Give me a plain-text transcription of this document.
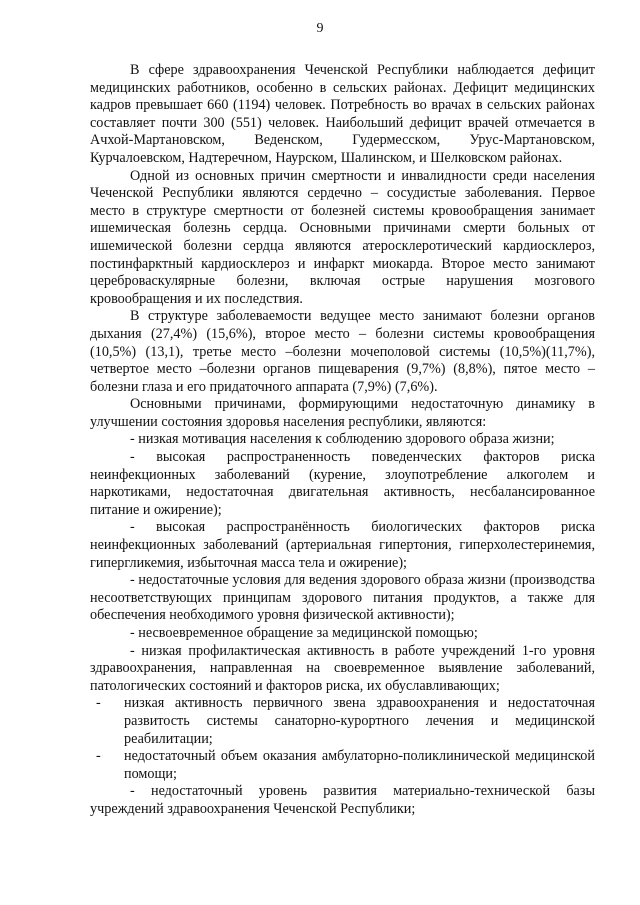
9

В сфере здравоохранения Чеченской Республики наблюдается дефицит медицинских работников, особенно в сельских районах. Дефицит медицинских кадров превышает 660 (1194) человек. Потребность во врачах в сельских районах составляет почти 300 (551) человек. Наибольший дефицит врачей отмечается в Ачхой-Мартановском, Веденском, Гудермесском, Урус-Мартановском, Курчалоевском, Надтеречном, Наурском, Шалинском, и Шелковском районах.

Одной из основных причин смертности и инвалидности среди населения Чеченской Республики являются сердечно – сосудистые заболевания. Первое место в структуре смертности от болезней системы кровообращения занимает ишемическая болезнь сердца. Основными причинами смерти больных от ишемической болезни сердца являются атеросклеротический кардиосклероз, постинфарктный кардиосклероз и инфаркт миокарда. Второе место занимают цереброваскулярные болезни, включая острые нарушения мозгового кровообращения и их последствия.

В структуре заболеваемости ведущее место занимают болезни органов дыхания (27,4%) (15,6%), второе место – болезни системы кровообращения (10,5%) (13,1), третье место –болезни мочеполовой системы (10,5%)(11,7%), четвертое место –болезни органов пищеварения (9,7%) (8,8%), пятое место – болезни глаза и его придаточного аппарата (7,9%) (7,6%).

Основными причинами, формирующими недостаточную динамику в улучшении состояния здоровья населения республики, являются:

- низкая мотивация населения к соблюдению здорового образа жизни;
- высокая распространенность поведенческих факторов риска неинфекционных заболеваний (курение, злоупотребление алкоголем и наркотиками, недостаточная двигательная активность, несбалансированное питание и ожирение);
- высокая распространённость биологических факторов риска неинфекционных заболеваний (артериальная гипертония, гиперхолестеринемия, гипергликемия, избыточная масса тела и ожирение);
- недостаточные условия для ведения здорового образа жизни (производства несоответствующих принципам здорового питания продуктов, а также для обеспечения необходимого уровня физической активности);
- несвоевременное обращение за медицинской помощью;
- низкая профилактическая активность в работе учреждений 1-го уровня здравоохранения, направленная на своевременное выявление заболеваний, патологических состояний и факторов риска, их обуславливающих;
- низкая активность первичного звена здравоохранения и недостаточная развитость системы санаторно-курортного лечения и медицинской реабилитации;
- недостаточный объем оказания амбулаторно-поликлинической медицинской помощи;
- недостаточный уровень развития материально-технической базы учреждений здравоохранения Чеченской Республики;
